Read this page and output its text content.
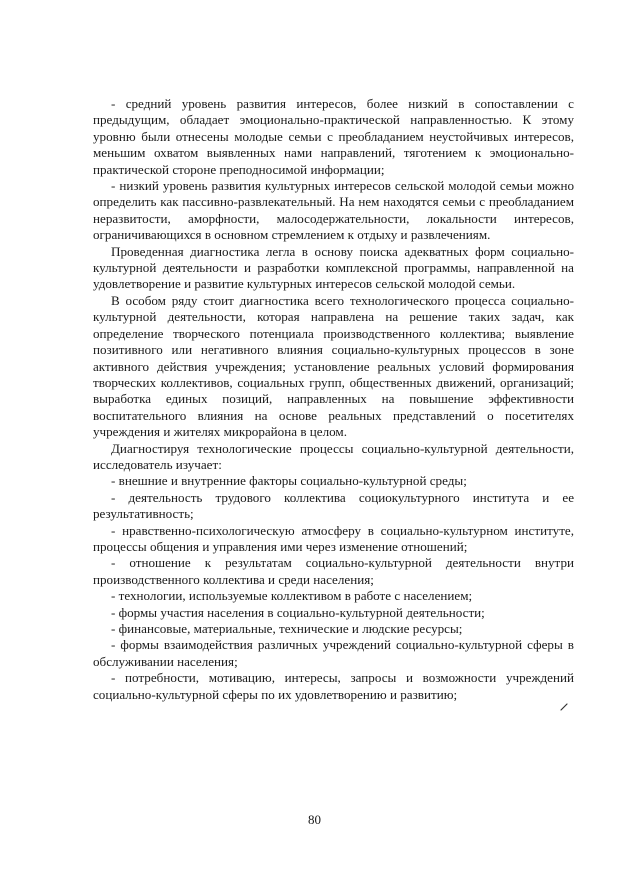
- средний уровень развития интересов, более низкий в сопоставлении с предыдущим, обладает эмоционально-практической направленностью. К этому уровню были отнесены молодые семьи с преобладанием неустойчивых интересов, меньшим охватом выявленных нами направлений, тяготением к эмоционально-практической стороне преподносимой информации;

- низкий уровень развития культурных интересов сельской молодой семьи можно определить как пассивно-развлекательный. На нем находятся семьи с преобладанием неразвитости, аморфности, малосодержательности, локальности интересов, ограничивающихся в основном стремлением к отдыху и развлечениям.

Проведенная диагностика легла в основу поиска адекватных форм социально-культурной деятельности и разработки комплексной программы, направленной на удовлетворение и развитие культурных интересов сельской молодой семьи.

В особом ряду стоит диагностика всего технологического процесса социально-культурной деятельности, которая направлена на решение таких задач, как определение творческого потенциала производственного коллектива; выявление позитивного или негативного влияния социально-культурных процессов в зоне активного действия учреждения; установление реальных условий формирования творческих коллективов, социальных групп, общественных движений, организаций; выработка единых позиций, направленных на повышение эффективности воспитательного влияния на основе реальных представлений о посетителях учреждения и жителях микрорайона в целом.

Диагностируя технологические процессы социально-культурной деятельности, исследователь изучает:

- внешние и внутренние факторы социально-культурной среды;

- деятельность трудового коллектива социокультурного института и ее результативность;

- нравственно-психологическую атмосферу в социально-культурном институте, процессы общения и управления ими через изменение отношений;

- отношение к результатам социально-культурной деятельности внутри производственного коллектива и среди населения;

- технологии, используемые коллективом в работе с населением;

- формы участия населения в социально-культурной деятельности;

- финансовые, материальные, технические и людские ресурсы;

- формы взаимодействия различных учреждений социально-культурной сферы в обслуживании населения;

- потребности, мотивацию, интересы, запросы и возможности учреждений социально-культурной сферы по их удовлетворению и развитию;

80
